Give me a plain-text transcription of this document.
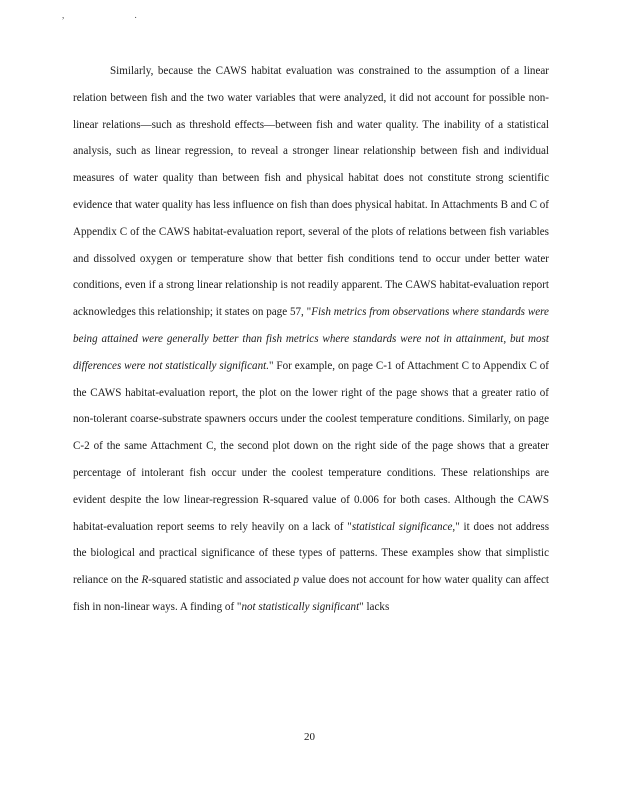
, .

Similarly, because the CAWS habitat evaluation was constrained to the assumption of a linear relation between fish and the two water variables that were analyzed, it did not account for possible non-linear relations—such as threshold effects—between fish and water quality. The inability of a statistical analysis, such as linear regression, to reveal a stronger linear relationship between fish and individual measures of water quality than between fish and physical habitat does not constitute strong scientific evidence that water quality has less influence on fish than does physical habitat. In Attachments B and C of Appendix C of the CAWS habitat-evaluation report, several of the plots of relations between fish variables and dissolved oxygen or temperature show that better fish conditions tend to occur under better water conditions, even if a strong linear relationship is not readily apparent. The CAWS habitat-evaluation report acknowledges this relationship; it states on page 57, "Fish metrics from observations where standards were being attained were generally better than fish metrics where standards were not in attainment, but most differences were not statistically significant." For example, on page C-1 of Attachment C to Appendix C of the CAWS habitat-evaluation report, the plot on the lower right of the page shows that a greater ratio of non-tolerant coarse-substrate spawners occurs under the coolest temperature conditions. Similarly, on page C-2 of the same Attachment C, the second plot down on the right side of the page shows that a greater percentage of intolerant fish occur under the coolest temperature conditions. These relationships are evident despite the low linear-regression R-squared value of 0.006 for both cases. Although the CAWS habitat-evaluation report seems to rely heavily on a lack of "statistical significance," it does not address the biological and practical significance of these types of patterns. These examples show that simplistic reliance on the R-squared statistic and associated p value does not account for how water quality can affect fish in non-linear ways. A finding of "not statistically significant" lacks

20
